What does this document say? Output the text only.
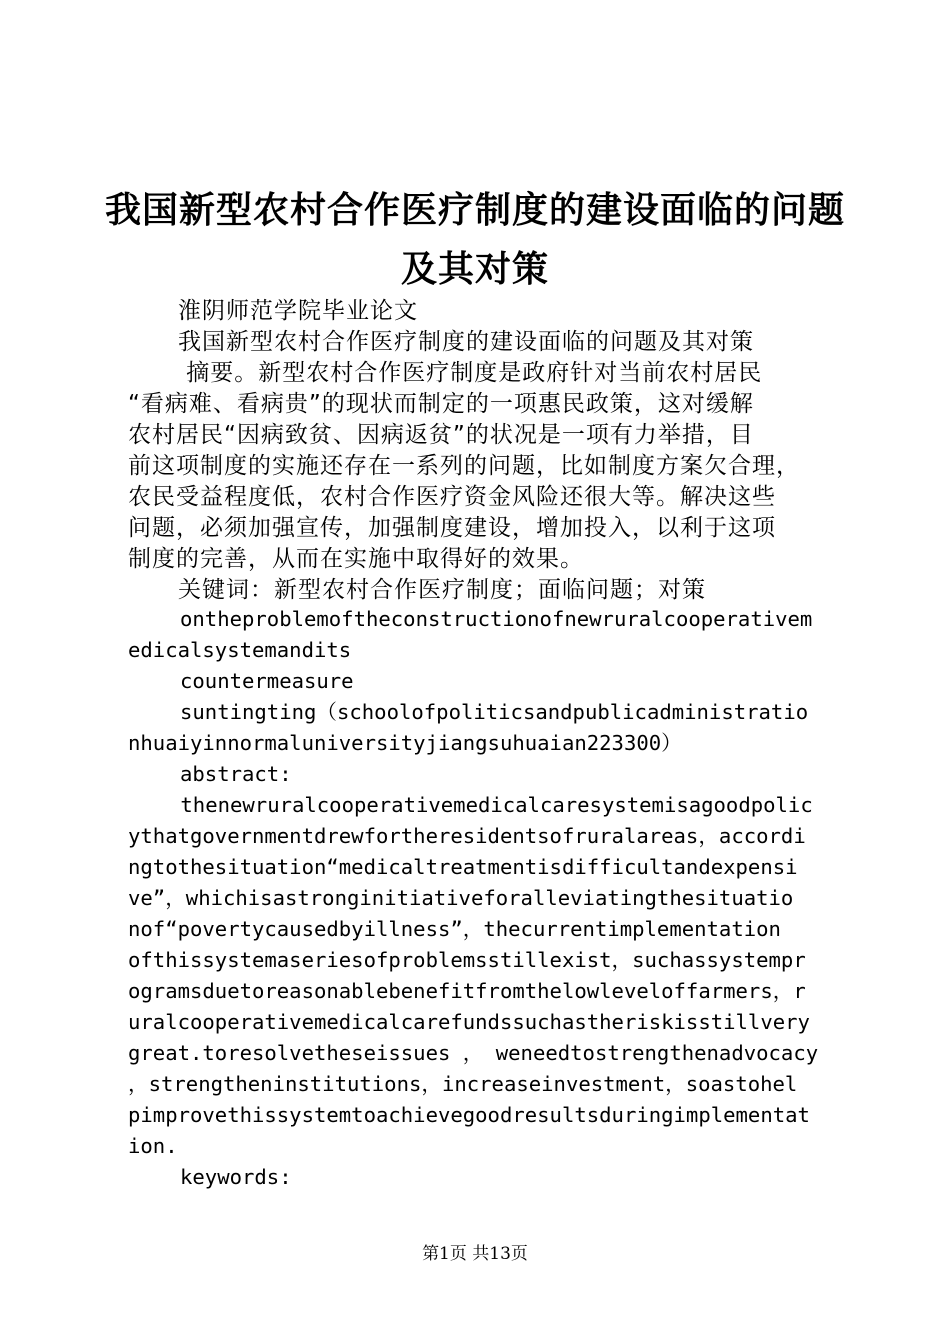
我国新型农村合作医疗制度的建设面临的问题
及其对策
淮阴师范学院毕业论文
我国新型农村合作医疗制度的建设面临的问题及其对策
摘要。新型农村合作医疗制度是政府针对当前农村居民
“看病难、看病贵”的现状而制定的一项惠民政策，这对缓解
农村居民“因病致贫、因病返贫”的状况是一项有力举措，目
前这项制度的实施还存在一系列的问题，比如制度方案欠合理，
农民受益程度低，农村合作医疗资金风险还很大等。解决这些
问题，必须加强宣传，加强制度建设，增加投入，以利于这项
制度的完善，从而在实施中取得好的效果。
关键词：新型农村合作医疗制度；面临问题；对策
ontheproblemoftheconstructionofnewruralcooperativem
edicalsystemandits
countermeasure
suntingting（schoolofpoliticsandpublicadministratio
nhuaiyinnormaluniversityjiangsuhuaian223300）
abstract:
thenewruralcooperativemedicalcaresystemisagoodpolic
ythatgovernmentdrewfortheresidentsofruralareas，accordi
ngtothesituation“medicaltreatmentisdifficultandexpensi
ve”，whichisastronginitiativeforalleviatingthesituatio
nof“povertycausedbyillness”，thecurrentimplementation
ofthissystemaseriesofproblemsstillexist，suchassystempr
ogramsduetoreasonablebenefitfromthelowleveloffarmers，r
uralcooperativemedicalcarefundssuchastheriskisstillvery
great.toresolvetheseissues ， weneedtostrengthenadvocacy
，strengtheninstitutions，increaseinvestment，soastohel
pimprovethissystemtoachievegoodresultsduringimplementat
ion.
keywords:
第1页 共13页
